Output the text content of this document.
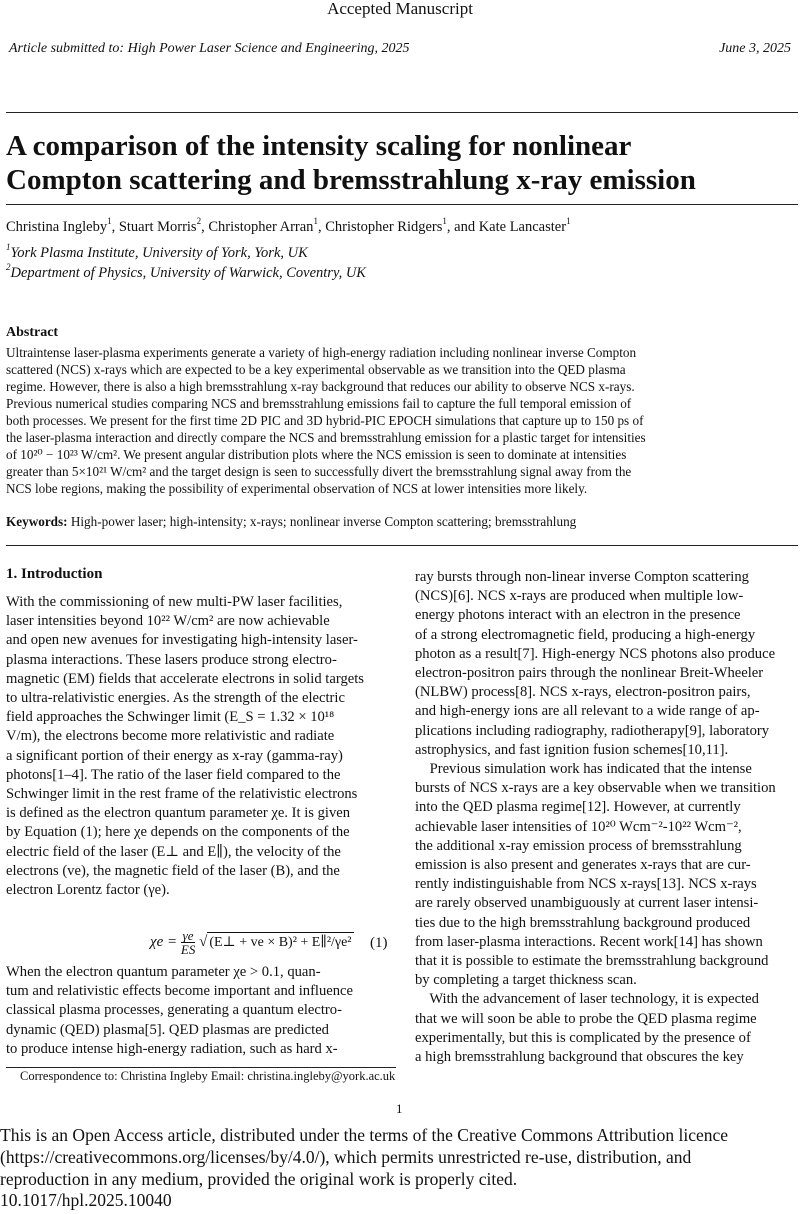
Accepted Manuscript
Article submitted to: High Power Laser Science and Engineering, 2025	June 3, 2025
A comparison of the intensity scaling for nonlinear
Compton scattering and bremsstrahlung x-ray emission
Christina Ingleby$^1$, Stuart Morris$^2$, Christopher Arran$^1$, Christopher Ridgers$^1$, and Kate Lancaster$^1$
$^1$York Plasma Institute, University of York, York, UK
$^2$Department of Physics, University of Warwick, Coventry, UK
Abstract
Ultraintense laser-plasma experiments generate a variety of high-energy radiation including nonlinear inverse Compton
scattered (NCS) x-rays which are expected to be a key experimental observable as we transition into the QED plasma
regime. However, there is also a high bremsstrahlung x-ray background that reduces our ability to observe NCS x-rays.
Previous numerical studies comparing NCS and bremsstrahlung emissions fail to capture the full temporal emission of
both processes. We present for the first time 2D PIC and 3D hybrid-PIC EPOCH simulations that capture up to 150 ps of
the laser-plasma interaction and directly compare the NCS and bremsstrahlung emission for a plastic target for intensities
of 10²⁰ − 10²³ W/cm². We present angular distribution plots where the NCS emission is seen to dominate at intensities
greater than 5×10²¹ W/cm² and the target design is seen to successfully divert the bremsstrahlung signal away from the
NCS lobe regions, making the possibility of experimental observation of NCS at lower intensities more likely.
Keywords: High-power laser; high-intensity; x-rays; nonlinear inverse Compton scattering; bremsstrahlung
1. Introduction
With the commissioning of new multi-PW laser facilities,
laser intensities beyond 10²² W/cm² are now achievable
and open new avenues for investigating high-intensity laser-
plasma interactions. These lasers produce strong electro-
magnetic (EM) fields that accelerate electrons in solid targets
to ultra-relativistic energies. As the strength of the electric
field approaches the Schwinger limit (E_S = 1.32 × 10¹⁸
V/m), the electrons become more relativistic and radiate
a significant portion of their energy as x-ray (gamma-ray)
photons[1–4]. The ratio of the laser field compared to the
Schwinger limit in the rest frame of the relativistic electrons
is defined as the electron quantum parameter χe. It is given
by Equation (1); here χe depends on the components of the
electric field of the laser (E⊥ and E∥), the velocity of the
electrons (ve), the magnetic field of the laser (B), and the
electron Lorentz factor (γe).
$\chi e = \frac{\gamma e}{ES}$ √ (E⊥ + ve × B)² + E∥²/γe² (1)
When the electron quantum parameter χe > 0.1, quan-
tum and relativistic effects become important and influence
classical plasma processes, generating a quantum electro-
dynamic (QED) plasma[5]. QED plasmas are predicted
to produce intense high-energy radiation, such as hard x-
ray bursts through non-linear inverse Compton scattering
(NCS)[6]. NCS x-rays are produced when multiple low-
energy photons interact with an electron in the presence
of a strong electromagnetic field, producing a high-energy
photon as a result[7]. High-energy NCS photons also produce
electron-positron pairs through the nonlinear Breit-Wheeler
(NLBW) process[8]. NCS x-rays, electron-positron pairs,
and high-energy ions are all relevant to a wide range of ap-
plications including radiography, radiotherapy[9], laboratory
astrophysics, and fast ignition fusion schemes[10,11].
Previous simulation work has indicated that the intense
bursts of NCS x-rays are a key observable when we transition
into the QED plasma regime[12]. However, at currently
achievable laser intensities of 10²⁰ Wcm⁻²-10²² Wcm⁻²,
the additional x-ray emission process of bremsstrahlung
emission is also present and generates x-rays that are cur-
rently indistinguishable from NCS x-rays[13]. NCS x-rays
are rarely observed unambiguously at current laser intensi-
ties due to the high bremsstrahlung background produced
from laser-plasma interactions. Recent work[14] has shown
that it is possible to estimate the bremsstrahlung background
by completing a target thickness scan.
With the advancement of laser technology, it is expected
that we will soon be able to probe the QED plasma regime
experimentally, but this is complicated by the presence of
a high bremsstrahlung background that obscures the key
Correspondence to: Christina Ingleby Email: christina.ingleby@york.ac.uk
1
This is an Open Access article, distributed under the terms of the Creative Commons Attribution licence
(https://creativecommons.org/licenses/by/4.0/), which permits unrestricted re-use, distribution, and
reproduction in any medium, provided the original work is properly cited.
10.1017/hpl.2025.10040
